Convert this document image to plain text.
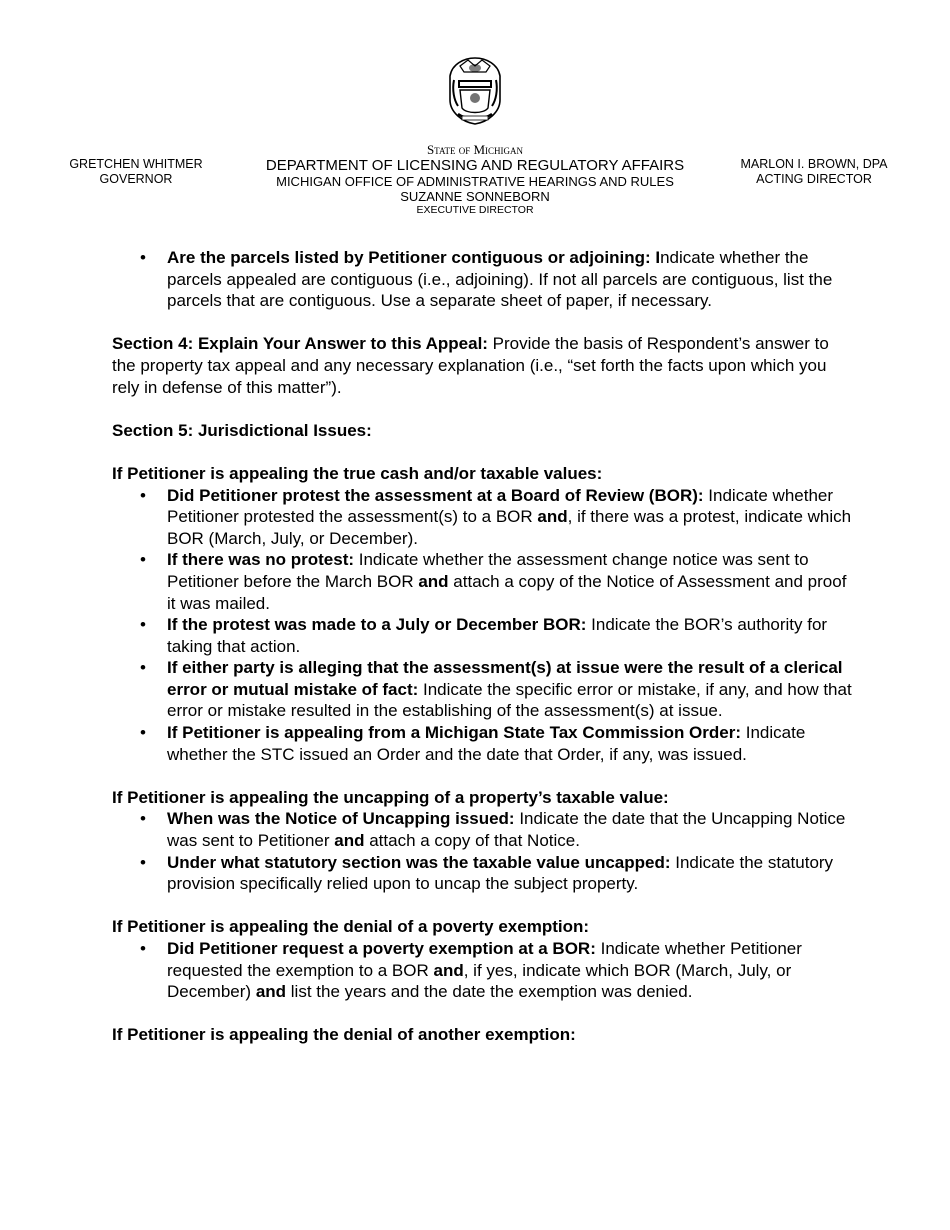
GRETCHEN WHITMER
GOVERNOR
State of Michigan
DEPARTMENT OF LICENSING AND REGULATORY AFFAIRS
MICHIGAN OFFICE OF ADMINISTRATIVE HEARINGS AND RULES
SUZANNE SONNEBORN
EXECUTIVE DIRECTOR
MARLON I. BROWN, DPA
ACTING DIRECTOR
• Are the parcels listed by Petitioner contiguous or adjoining: Indicate whether the parcels appealed are contiguous (i.e., adjoining). If not all parcels are contiguous, list the parcels that are contiguous. Use a separate sheet of paper, if necessary.

Section 4: Explain Your Answer to this Appeal: Provide the basis of Respondent’s answer to the property tax appeal and any necessary explanation (i.e., “set forth the facts upon which you rely in defense of this matter”).

Section 5: Jurisdictional Issues:

If Petitioner is appealing the true cash and/or taxable values:

• Did Petitioner protest the assessment at a Board of Review (BOR): Indicate whether Petitioner protested the assessment(s) to a BOR and, if there was a protest, indicate which BOR (March, July, or December).
• If there was no protest: Indicate whether the assessment change notice was sent to Petitioner before the March BOR and attach a copy of the Notice of Assessment and proof it was mailed.
• If the protest was made to a July or December BOR: Indicate the BOR’s authority for taking that action.
• If either party is alleging that the assessment(s) at issue were the result of a clerical error or mutual mistake of fact: Indicate the specific error or mistake, if any, and how that error or mistake resulted in the establishing of the assessment(s) at issue.
• If Petitioner is appealing from a Michigan State Tax Commission Order: Indicate whether the STC issued an Order and the date that Order, if any, was issued.

If Petitioner is appealing the uncapping of a property’s taxable value:

• When was the Notice of Uncapping issued: Indicate the date that the Uncapping Notice was sent to Petitioner and attach a copy of that Notice.
• Under what statutory section was the taxable value uncapped: Indicate the statutory provision specifically relied upon to uncap the subject property.

If Petitioner is appealing the denial of a poverty exemption:

• Did Petitioner request a poverty exemption at a BOR: Indicate whether Petitioner requested the exemption to a BOR and, if yes, indicate which BOR (March, July, or December) and list the years and the date the exemption was denied.

If Petitioner is appealing the denial of another exemption:
